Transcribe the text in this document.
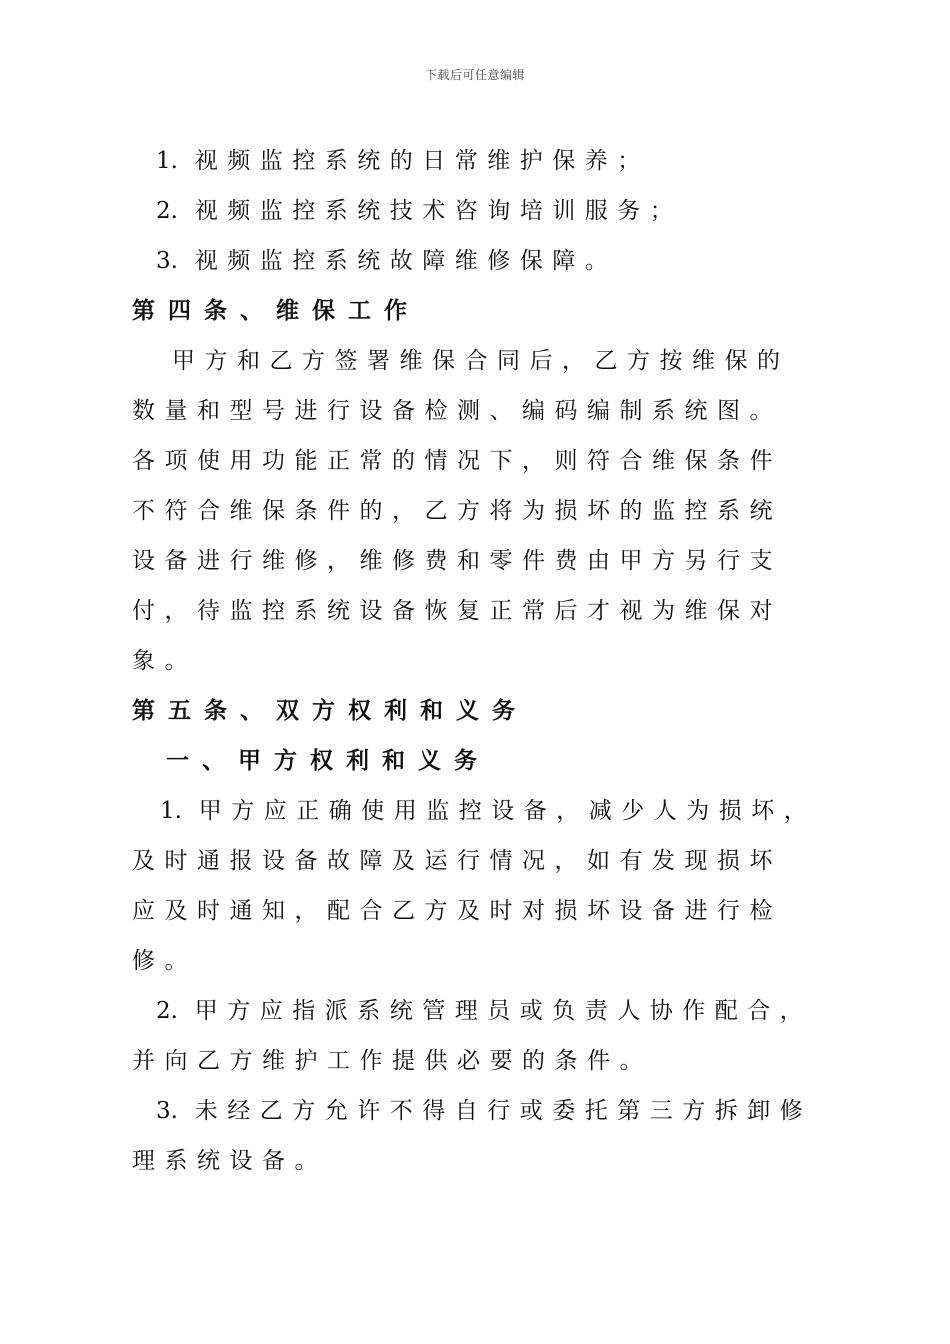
下载后可任意编辑
1. 视频监控系统的日常维护保养；
2. 视频监控系统技术咨询培训服务；
3. 视频监控系统故障维修保障。
第四条、维保工作
甲方和乙方签署维保合同后，乙方按维保的
数量和型号进行设备检测、编码编制系统图。
各项使用功能正常的情况下，则符合维保条件
不符合维保条件的，乙方将为损坏的监控系统
设备进行维修，维修费和零件费由甲方另行支
付，待监控系统设备恢复正常后才视为维保对
象。
第五条、双方权利和义务
一、甲方权利和义务
1. 甲方应正确使用监控设备，减少人为损坏，
及时通报设备故障及运行情况，如有发现损坏
应及时通知，配合乙方及时对损坏设备进行检
修。
2. 甲方应指派系统管理员或负责人协作配合，
并向乙方维护工作提供必要的条件。
3. 未经乙方允许不得自行或委托第三方拆卸修
理系统设备。
